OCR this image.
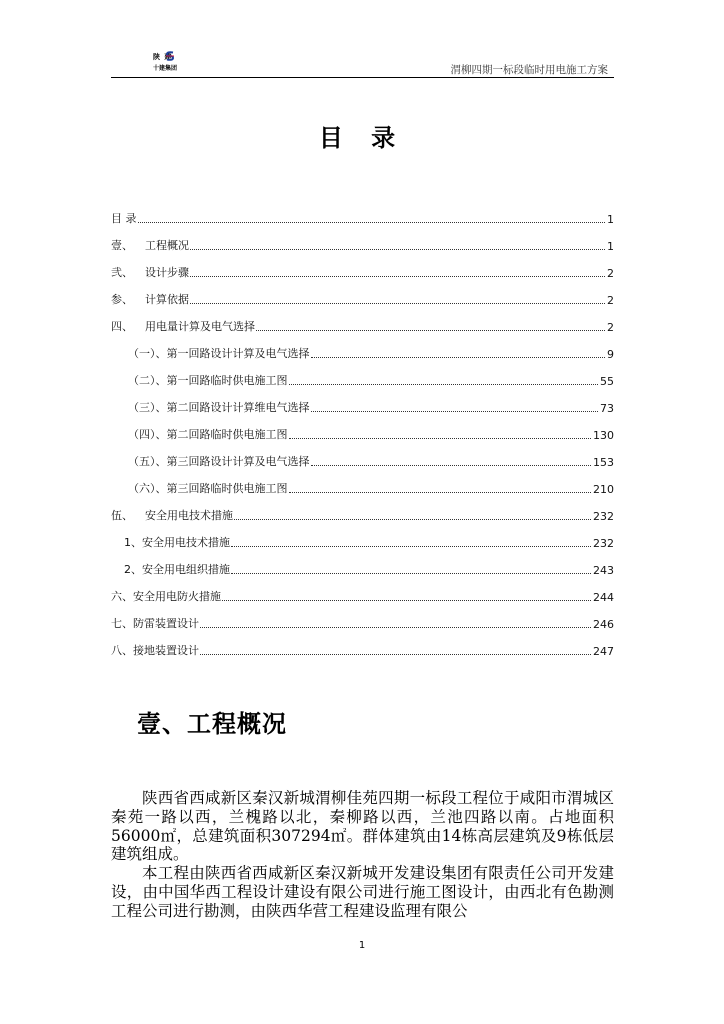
陕 建
十建集团	渭柳四期一标段临时用电施工方案
目 录
目 录	1
壹、 工程概况	1
弐、 设计步骤	2
参、 计算依据	2
四、 用电量计算及电气选择	2
（一）、第一回路设计计算及电气选择	9
（二）、第一回路临时供电施工图	55
（三）、第二回路设计计算维电气选择	73
（四）、第二回路临时供电施工图	130
（五）、第三回路设计计算及电气选择	153
（六）、第三回路临时供电施工图	210
伍、 安全用电技术措施	232
1、安全用电技术措施	232
2、安全用电组织措施	243
六、安全用电防火措施	244
七、防雷装置设计	246
八、接地装置设计	247
壹、工程概况

陕西省西咸新区秦汉新城渭柳佳苑四期一标段工程位于咸阳市渭城区秦苑一路以西，兰槐路以北，秦柳路以西，兰池四路以南。占地面积56000㎡，总建筑面积307294㎡。群体建筑由14栋高层建筑及9栋低层建筑组成。

本工程由陕西省西咸新区秦汉新城开发建设集团有限责任公司开发建设，由中国华西工程设计建设有限公司进行施工图设计，由西北有色勘测工程公司进行勘测，由陕西华营工程建设监理有限公

1
